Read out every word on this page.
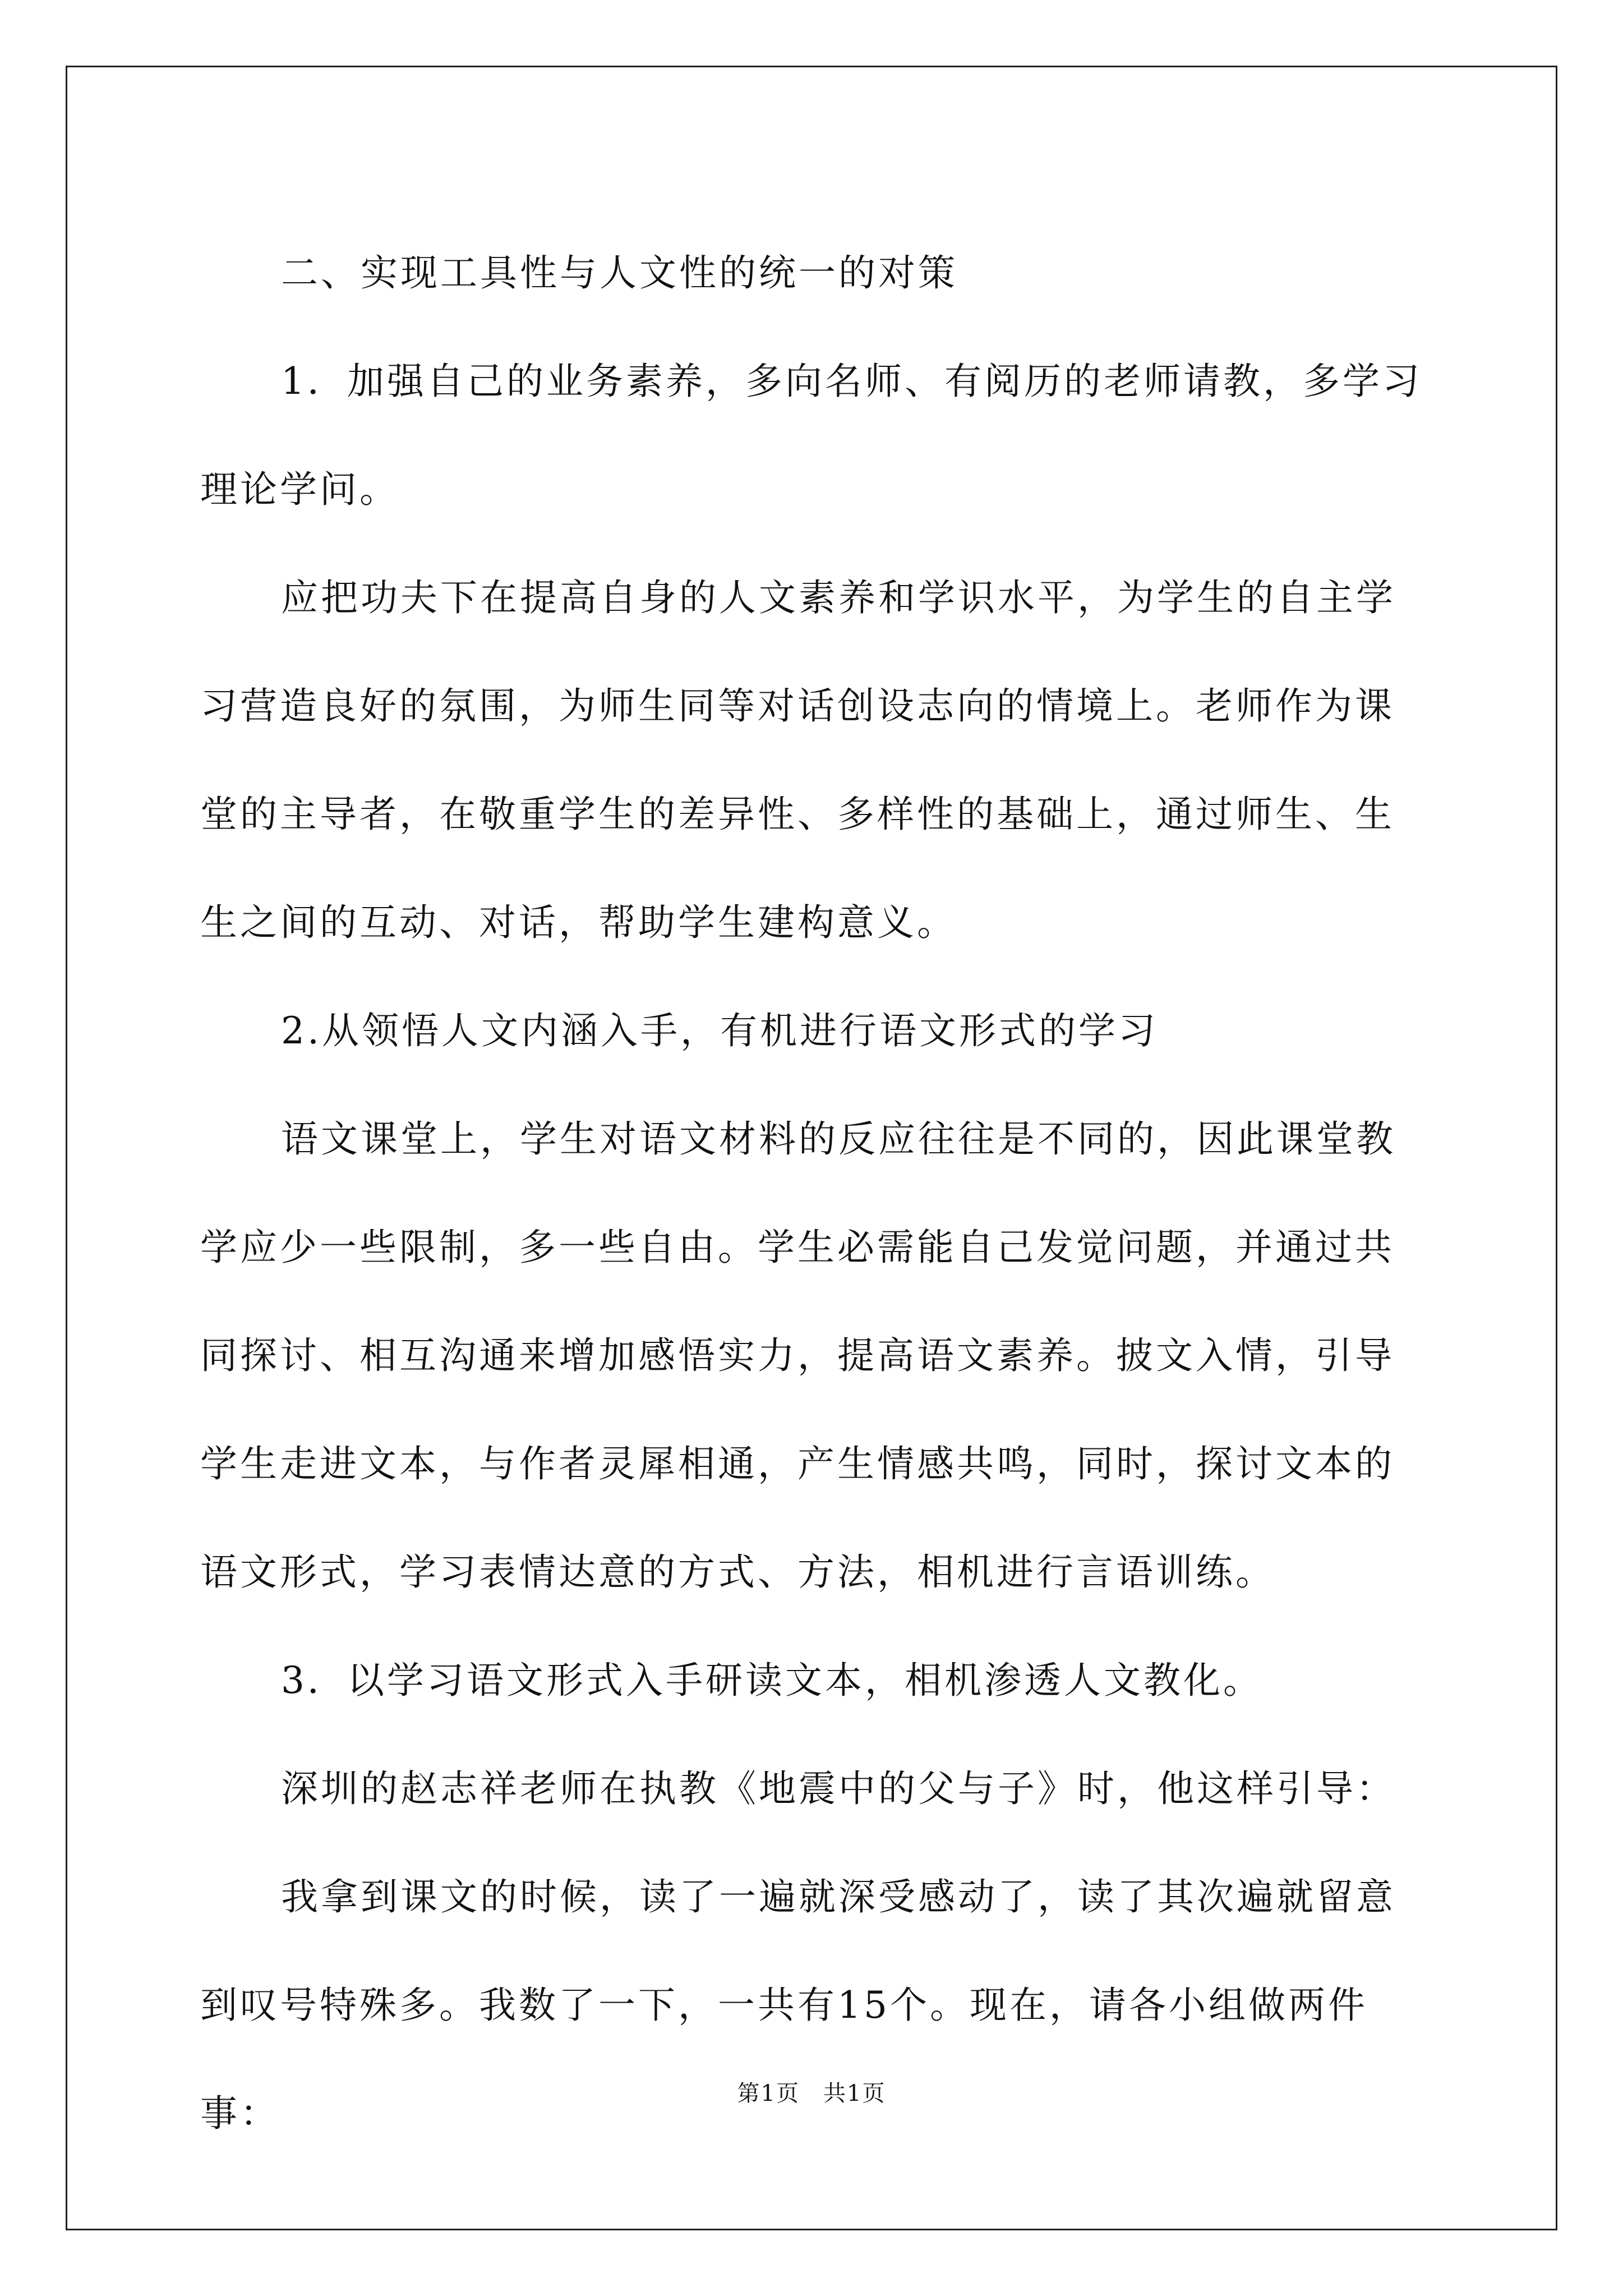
二、实现工具性与人文性的统一的对策

1．加强自己的业务素养，多向名师、有阅历的老师请教，多学习理论学问。

应把功夫下在提高自身的人文素养和学识水平，为学生的自主学习营造良好的氛围，为师生同等对话创设志向的情境上。老师作为课堂的主导者，在敬重学生的差异性、多样性的基础上，通过师生、生生之间的互动、对话，帮助学生建构意义。

2.从领悟人文内涵入手，有机进行语文形式的学习

语文课堂上，学生对语文材料的反应往往是不同的，因此课堂教学应少一些限制，多一些自由。学生必需能自己发觉问题，并通过共同探讨、相互沟通来增加感悟实力，提高语文素养。披文入情，引导学生走进文本，与作者灵犀相通，产生情感共鸣，同时，探讨文本的语文形式，学习表情达意的方式、方法，相机进行言语训练。

3．以学习语文形式入手研读文本，相机渗透人文教化。

深圳的赵志祥老师在执教《地震中的父与子》时，他这样引导：

我拿到课文的时候，读了一遍就深受感动了，读了其次遍就留意到叹号特殊多。我数了一下，一共有15个。现在，请各小组做两件事：	第1页　共1页
